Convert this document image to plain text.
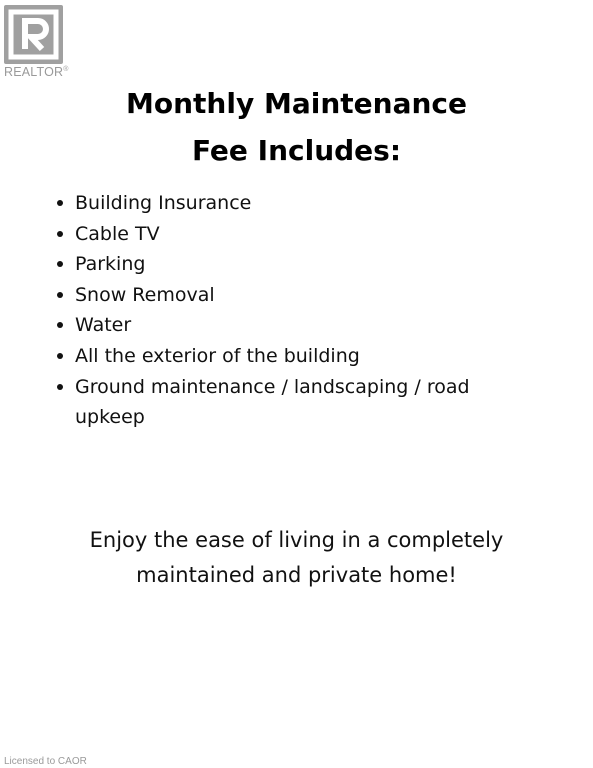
REALTOR®
Monthly Maintenance
Fee Includes:
Building Insurance
Cable TV
Parking
Snow Removal
Water
All the exterior of the building
Ground maintenance / landscaping / road upkeep
Enjoy the ease of living in a completely
maintained and private home!
Licensed to CAOR
